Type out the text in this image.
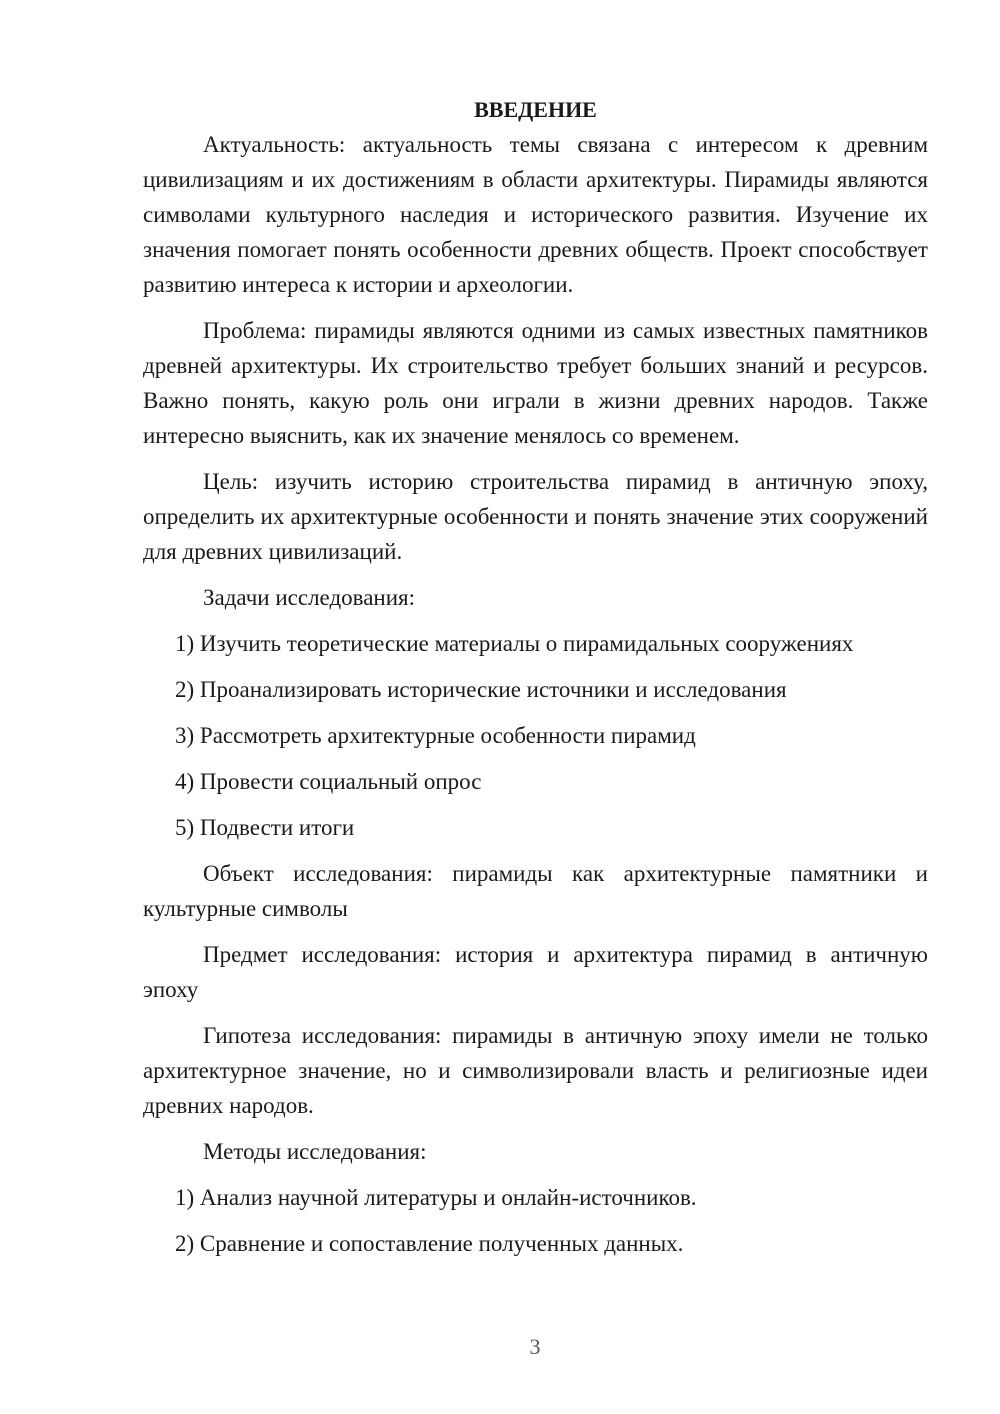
ВВЕДЕНИЕ

Актуальность: актуальность темы связана с интересом к древним цивилизациям и их достижениям в области архитектуры. Пирамиды являются символами культурного наследия и исторического развития. Изучение их значения помогает понять особенности древних обществ. Проект способствует развитию интереса к истории и археологии.

Проблема: пирамиды являются одними из самых известных памятников древней архитектуры. Их строительство требует больших знаний и ресурсов. Важно понять, какую роль они играли в жизни древних народов. Также интересно выяснить, как их значение менялось со временем.

Цель: изучить историю строительства пирамид в античную эпоху, определить их архитектурные особенности и понять значение этих сооружений для древних цивилизаций.

Задачи исследования:

1) Изучить теоретические материалы о пирамидальных сооружениях

2) Проанализировать исторические источники и исследования

3) Рассмотреть архитектурные особенности пирамид

4) Провести социальный опрос

5) Подвести итоги

Объект исследования: пирамиды как архитектурные памятники и культурные символы

Предмет исследования: история и архитектура пирамид в античную эпоху

Гипотеза исследования: пирамиды в античную эпоху имели не только архитектурное значение, но и символизировали власть и религиозные идеи древних народов.

Методы исследования:

1) Анализ научной литературы и онлайн-источников.

2) Сравнение и сопоставление полученных данных.

3
